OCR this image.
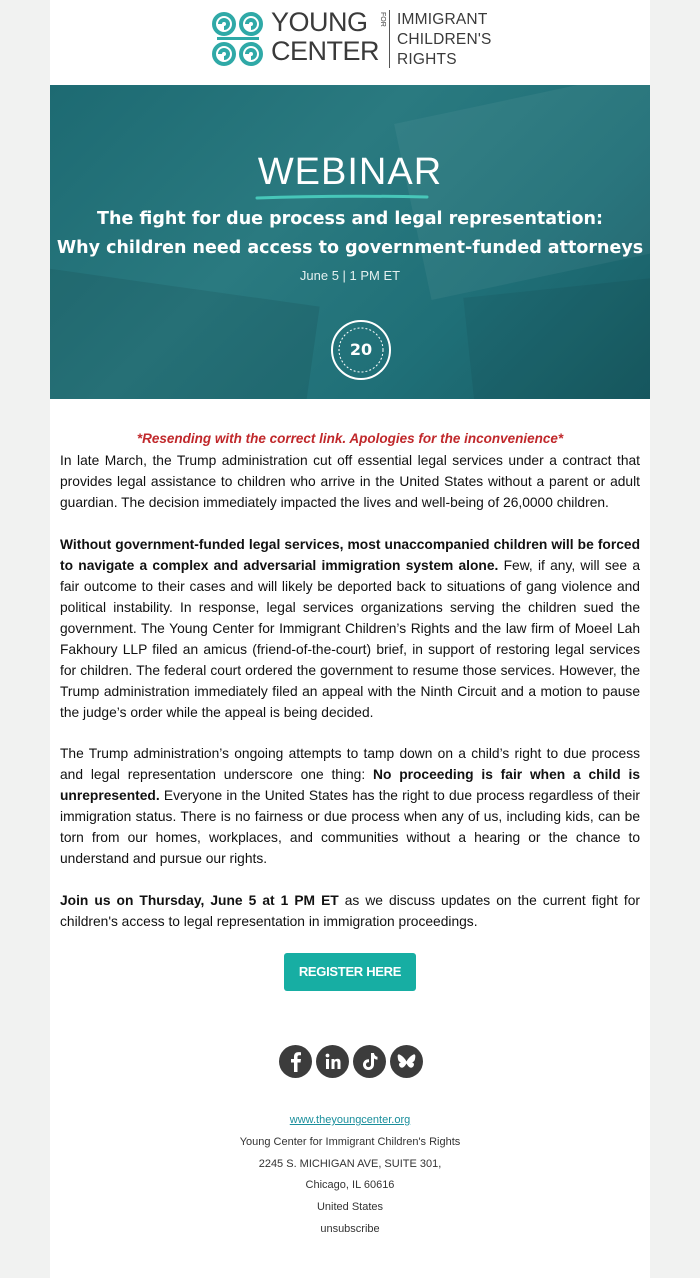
YOUNG
CENTER
FOR IMMIGRANT
CHILDREN'S
RIGHTS
WEBINAR
The fight for due process and legal representation:
Why children need access to government-funded attorneys
June 5 | 1 PM ET
20
*Resending with the correct link. Apologies for the inconvenience*
In late March, the Trump administration cut off essential legal services under a contract that provides legal assistance to children who arrive in the United States without a parent or adult guardian. The decision immediately impacted the lives and well-being of 26,0000 children.
Without government-funded legal services, most unaccompanied children will be forced to navigate a complex and adversarial immigration system alone. Few, if any, will see a fair outcome to their cases and will likely be deported back to situations of gang violence and political instability. In response, legal services organizations serving the children sued the government. The Young Center for Immigrant Children’s Rights and the law firm of Moeel Lah Fakhoury LLP filed an amicus (friend-of-the-court) brief, in support of restoring legal services for children. The federal court ordered the government to resume those services. However, the Trump administration immediately filed an appeal with the Ninth Circuit and a motion to pause the judge’s order while the appeal is being decided.
The Trump administration’s ongoing attempts to tamp down on a child’s right to due process and legal representation underscore one thing: No proceeding is fair when a child is unrepresented. Everyone in the United States has the right to due process regardless of their immigration status. There is no fairness or due process when any of us, including kids, can be torn from our homes, workplaces, and communities without a hearing or the chance to understand and pursue our rights.
Join us on Thursday, June 5 at 1 PM ET as we discuss updates on the current fight for children's access to legal representation in immigration proceedings.
REGISTER HERE
www.theyoungcenter.org
Young Center for Immigrant Children's Rights
2245 S. MICHIGAN AVE, SUITE 301,
Chicago, IL 60616
United States
unsubscribe
